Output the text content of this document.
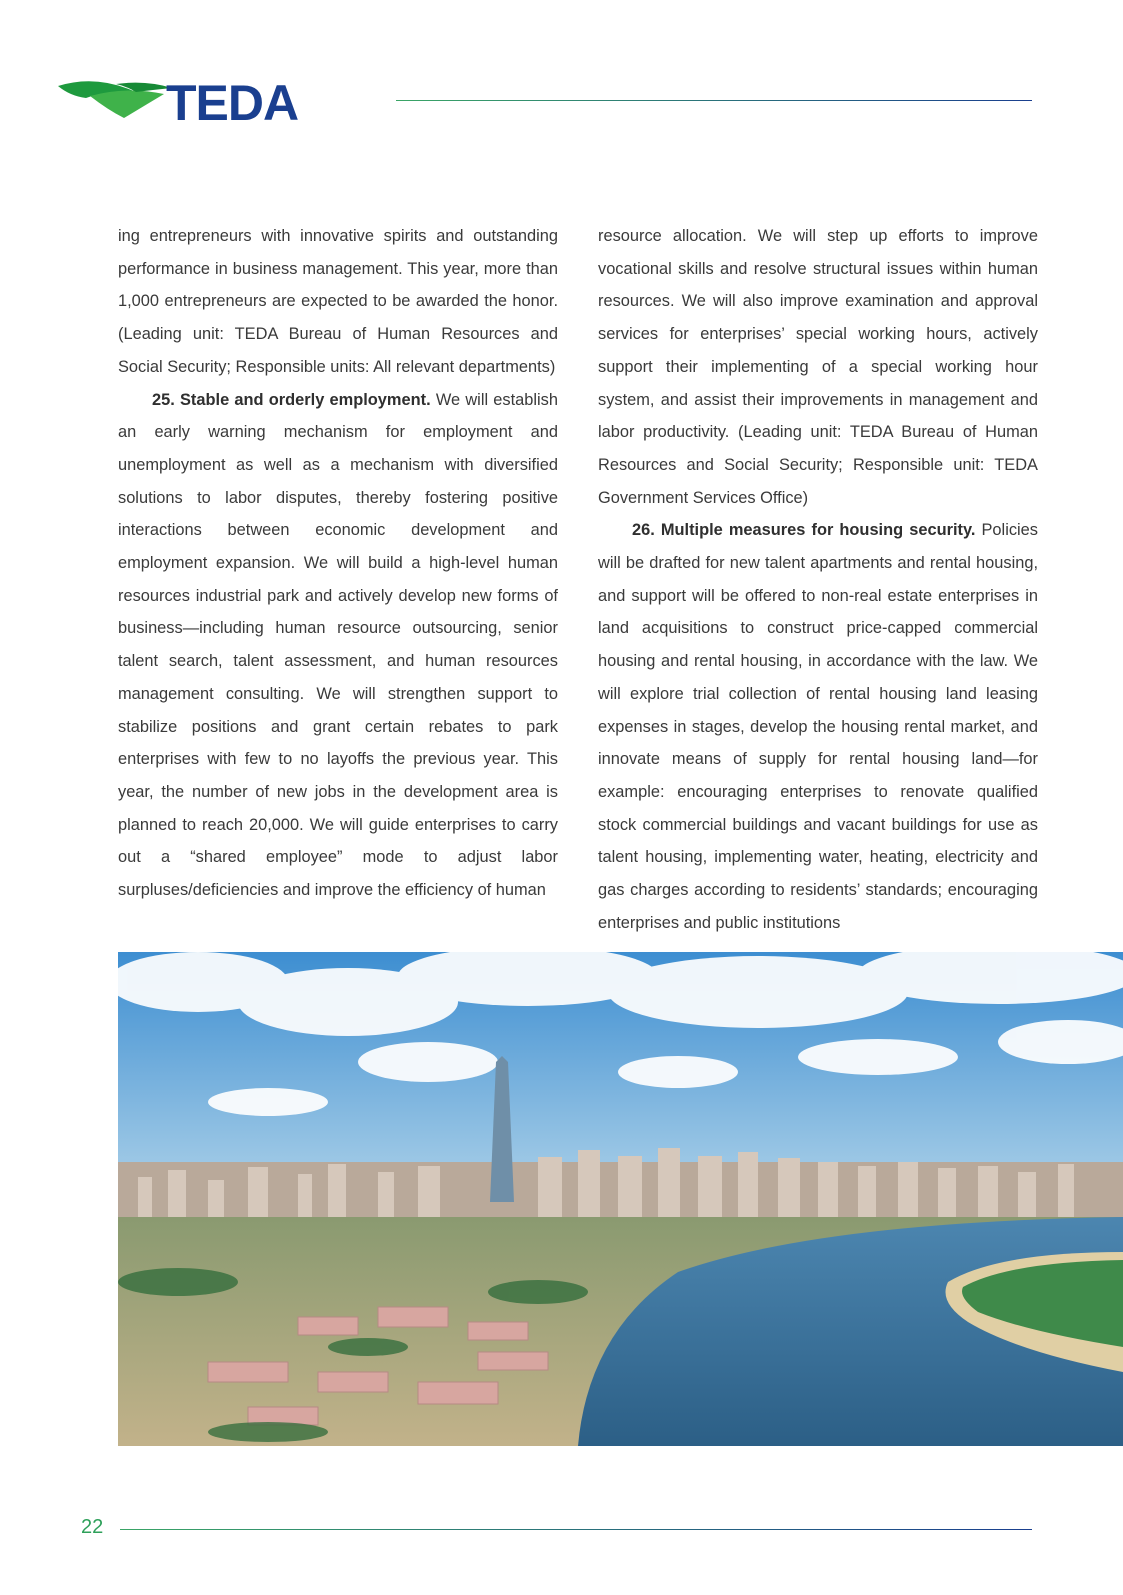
TEDA

ing entrepreneurs with innovative spirits and outstanding performance in business management. This year, more than 1,000 entrepreneurs are expected to be awarded the honor. (Leading unit: TEDA Bureau of Human Resources and Social Security; Responsible units: All relevant departments)

25. Stable and orderly employment. We will establish an early warning mechanism for employment and unemployment as well as a mechanism with diversified solutions to labor disputes, thereby fostering positive interactions between economic development and employment expansion. We will build a high-level human resources industrial park and actively develop new forms of business—including human resource outsourcing, senior talent search, talent assessment, and human resources management consulting. We will strengthen support to stabilize positions and grant certain rebates to park enterprises with few to no layoffs the previous year. This year, the number of new jobs in the development area is planned to reach 20,000. We will guide enterprises to carry out a “shared employee” mode to adjust labor surpluses/deficiencies and improve the efficiency of human

resource allocation. We will step up efforts to improve vocational skills and resolve structural issues within human resources. We will also improve examination and approval services for enterprises’ special working hours, actively support their implementing of a special working hour system, and assist their improvements in management and labor productivity. (Leading unit: TEDA Bureau of Human Resources and Social Security; Responsible unit: TEDA Government Services Office)

26. Multiple measures for housing security. Policies will be drafted for new talent apartments and rental housing, and support will be offered to non-real estate enterprises in land acquisitions to construct price-capped commercial housing and rental housing, in accordance with the law. We will explore trial collection of rental housing land leasing expenses in stages, develop the housing rental market, and innovate means of supply for rental housing land—for example: encouraging enterprises to renovate qualified stock commercial buildings and vacant buildings for use as talent housing, implementing water, heating, electricity and gas charges according to residents’ standards; encouraging enterprises and public institutions

22
